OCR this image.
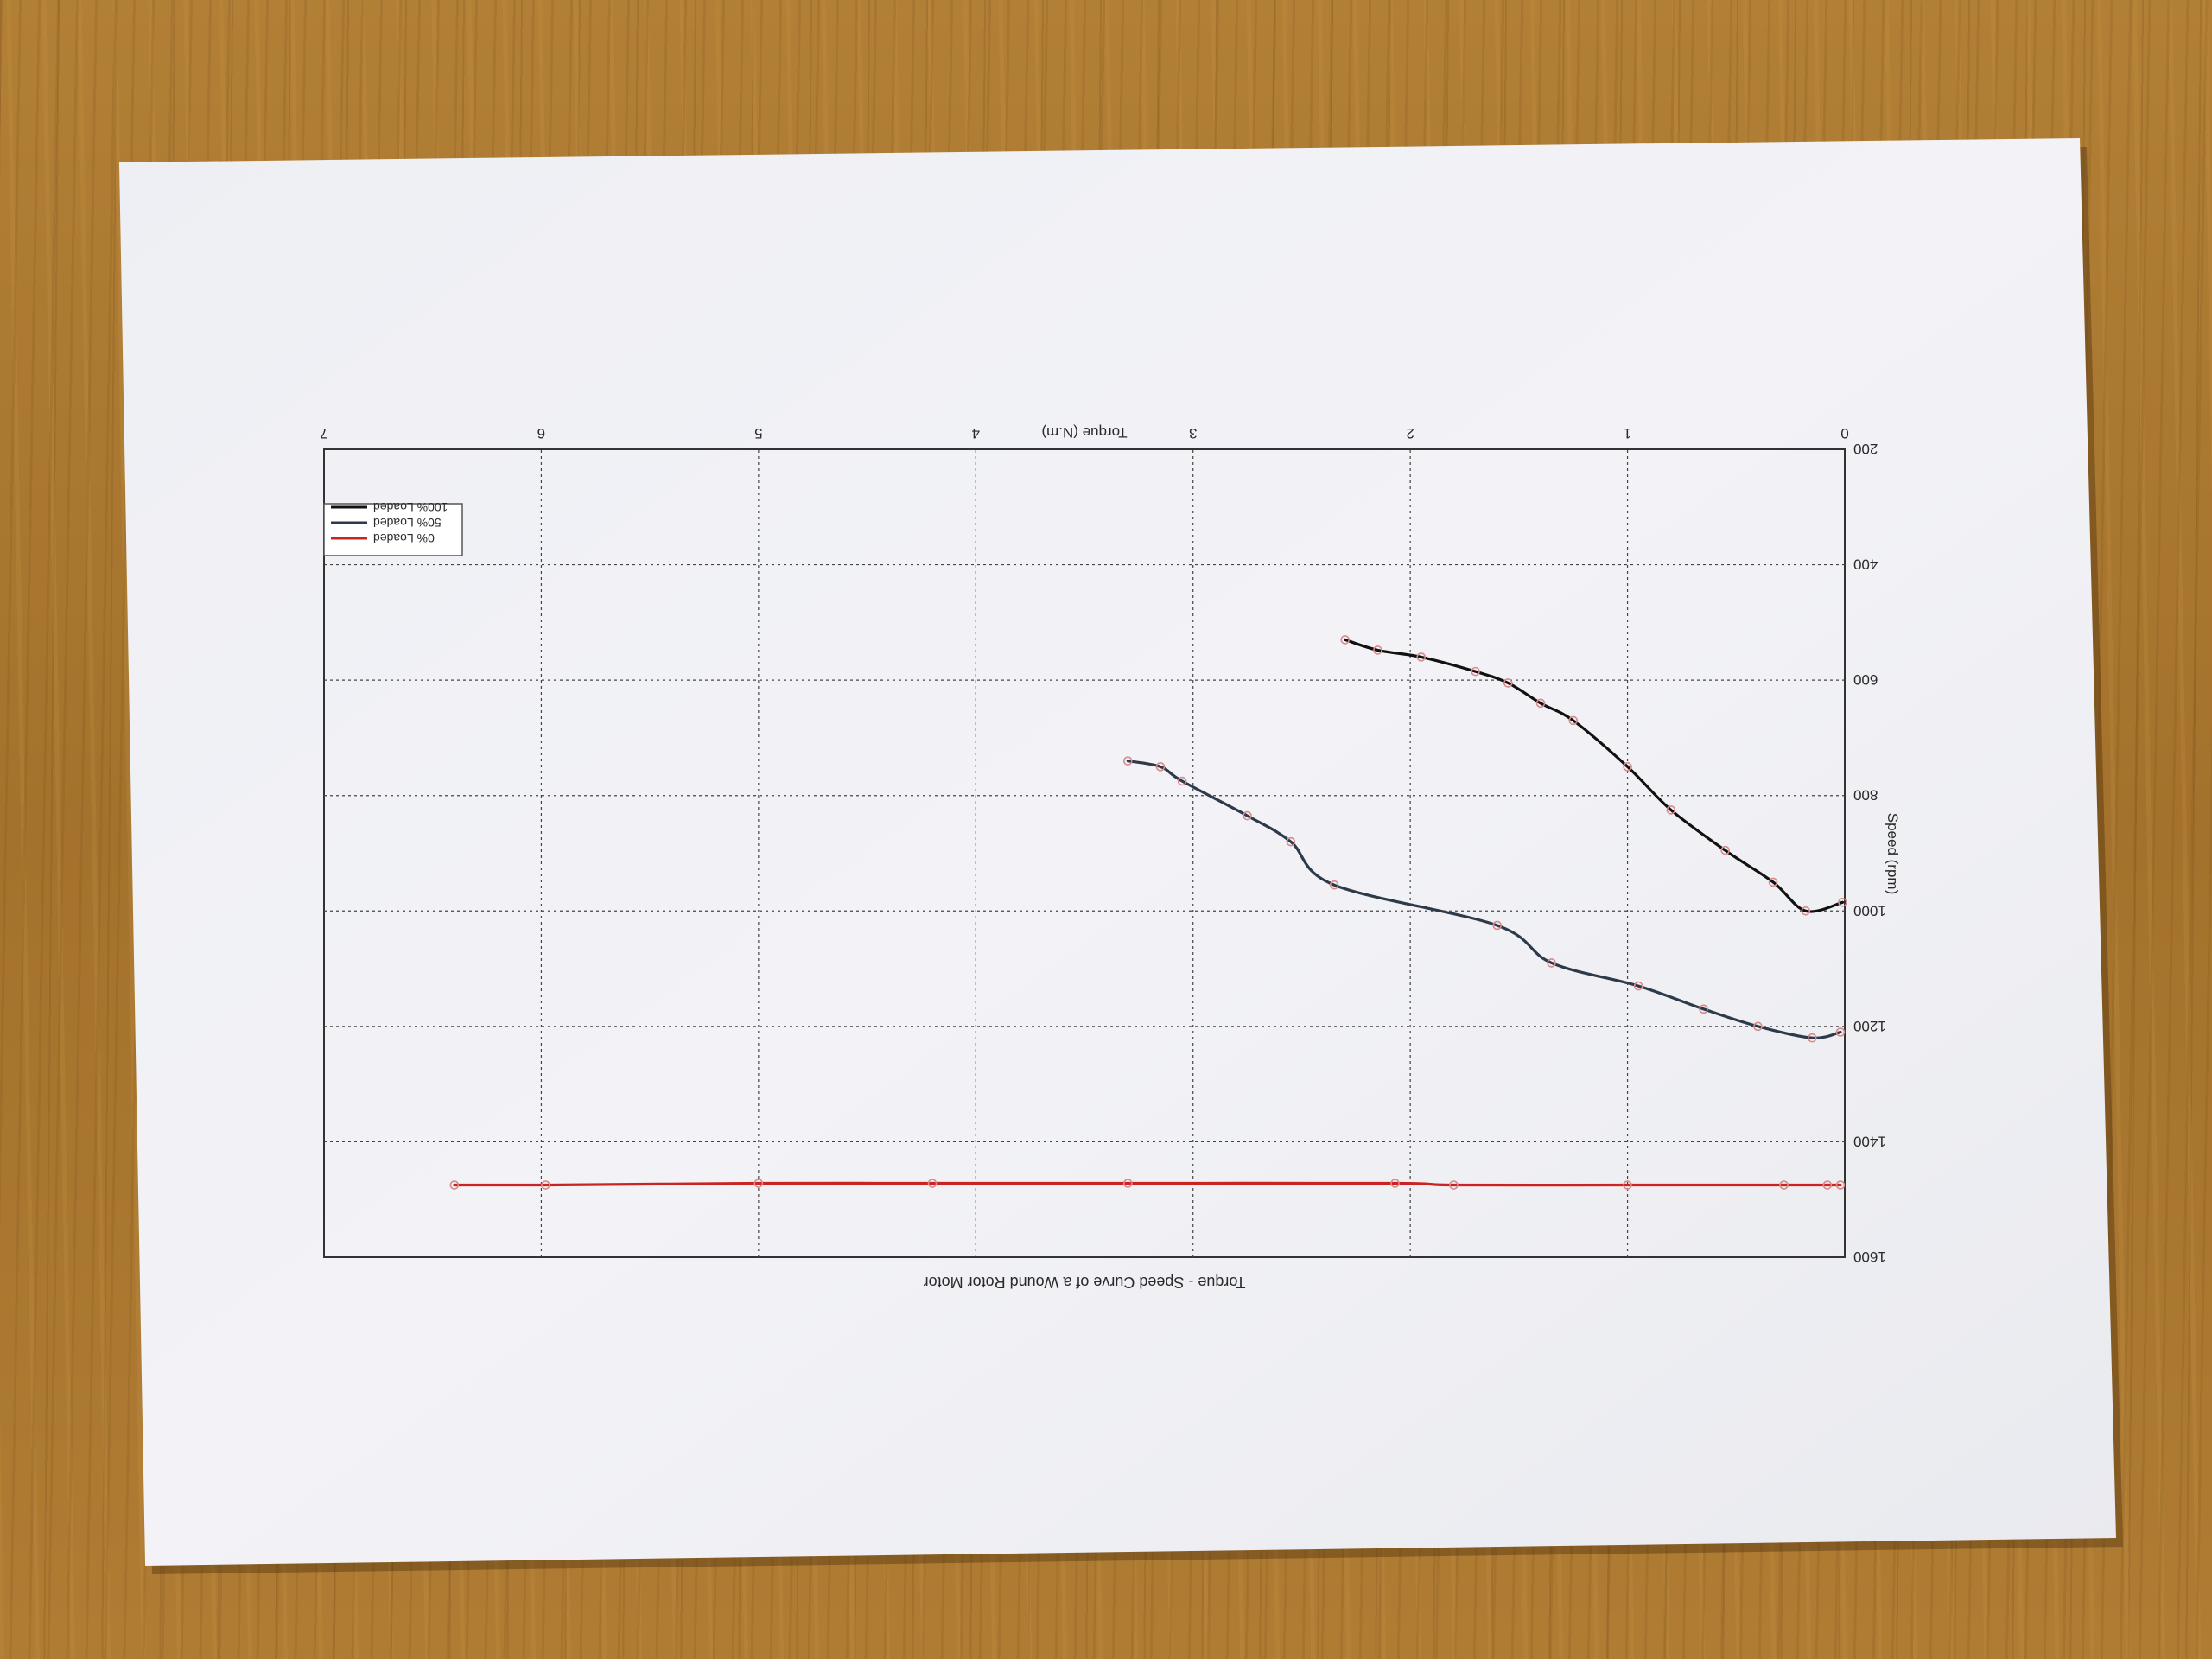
0
1
2
3
4
5
6
7
200
400
600
800
1000
1200
1400
1600
Torque - Speed Curve of a Wound Rotor Motor
Torque (N.m)
Speed (rpm)
0% Loaded
50% Loaded
100% Loaded
